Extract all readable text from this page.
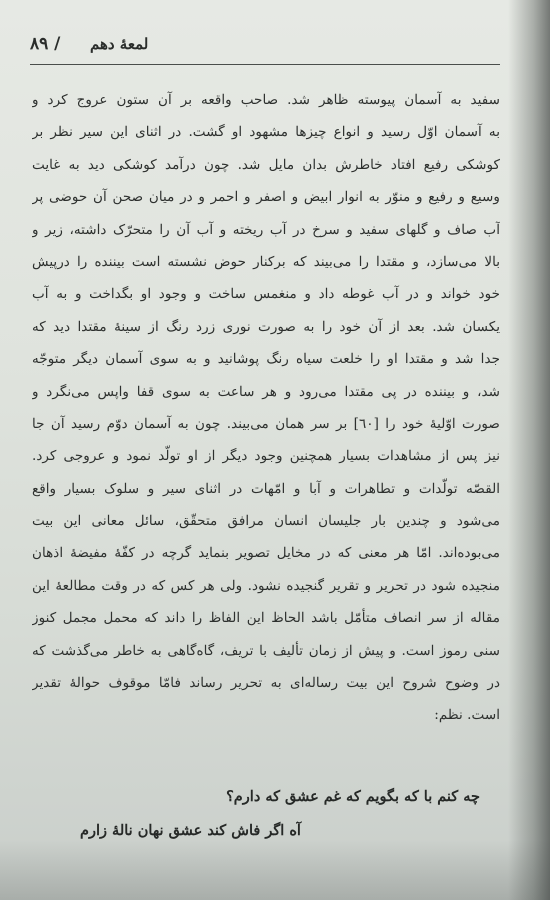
٨٩ / لمعهٔ دهم
سفید به آسمان پیوسته ظاهر شد. صاحب واقعه بر آن ستون عروج کرد و
به آسمان اوّل رسید و انواع چیزها مشهود او گشت. در اثنای این سیر نظر بر
کوشکی رفیع افتاد خاطرش بدان مایل شد. چون درآمد کوشکی دید به غایت
وسیع و رفیع و منوّر به انوار ابیض و اصفر و احمر و در میان صحن آن حوضی پر
آب صاف و گلهای سفید و سرخ در آب ریخته و آب آن را متحرّک داشته، زیر و
بالا می‌سازد، و مقتدا را می‌بیند که برکنار حوض نشسته است بیننده را درپیش
خود خواند و در آب غوطه داد و منغمس ساخت و وجود او بگداخت و به آب
یکسان شد. بعد از آن خود را به صورت نوری زرد رنگ از سینهٔ مقتدا دید که
جدا شد و مقتدا او را خلعت سیاه رنگ پوشانید و به سوی آسمان دیگر متوجّه
شد، و بیننده در پی مقتدا می‌رود و هر ساعت به سوی قفا واپس می‌نگرد و
صورت اوّلیهٔ خود را [٦٠] بر سر همان می‌بیند. چون به آسمان دوّم رسید آن جا
نیز پس از مشاهدات بسیار همچنین وجود دیگر از او تولّد نمود و عروجی کرد.
القصّه تولّدات و تطاهرات و آبا و امّهات در اثنای سیر و سلوک بسیار واقع
می‌شود و چندین بار جلیسان انسان مرافق متحقّق، سائل معانی این بیت
می‌بوده‌اند. امّا هر معنی که در مخایل تصویر بنماید گرچه در کفّهٔ مفیضهٔ اذهان
منجیده شود در تحریر و تقریر گنجیده نشود. ولی هر کس که در وقت مطالعهٔ این
مقاله از سر انصاف متأمّل باشد الحاظ این الفاظ را داند که محمل مجمل کنوز
سنی رموز است. و پیش از زمان تألیف با تریف، گاه‌گاهی به خاطر می‌گذشت که
در وضوح شروح این بیت رساله‌ای به تحریر رساند فامّا موقوف حوالهٔ تقدیر
است. نظم:
چه کنم با که بگویم که غم عشق که دارم؟
آه اگر فاش کند عشق نهان نالهٔ زارم
